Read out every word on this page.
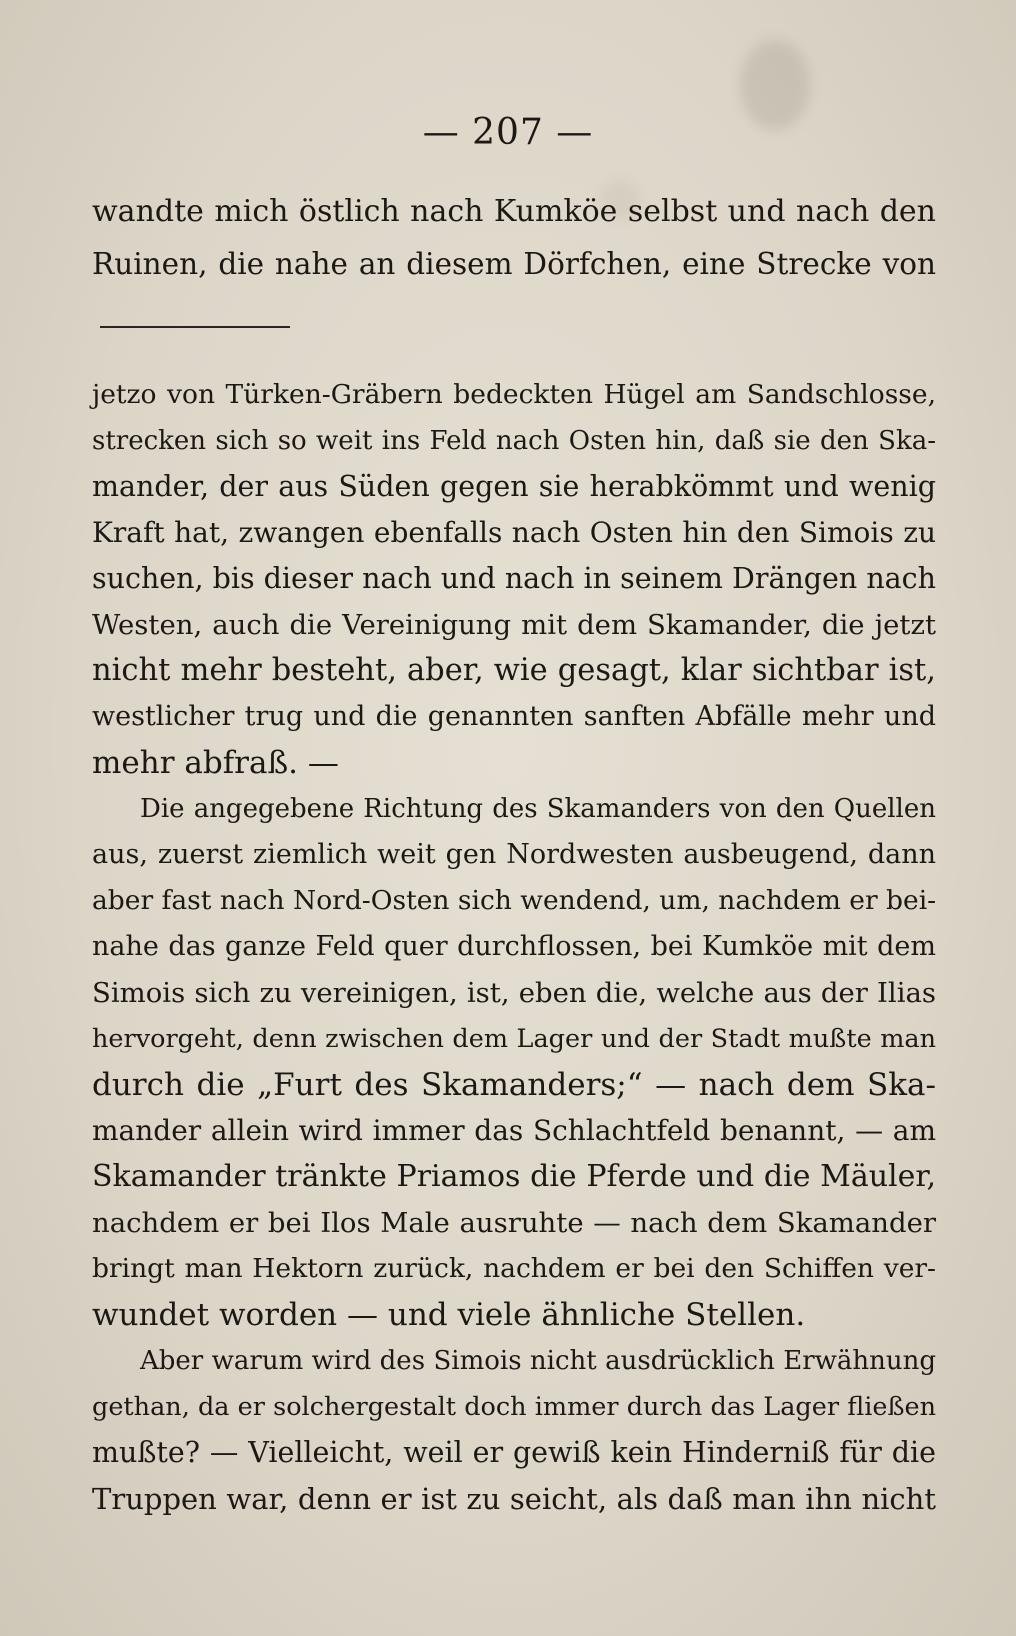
— 207 —
wandte mich östlich nach Kumköe selbst und nach den
Ruinen, die nahe an diesem Dörfchen, eine Strecke von
jetzo von Türken-Gräbern bedeckten Hügel am Sandschlosse,
strecken sich so weit ins Feld nach Osten hin, daß sie den Ska-
mander, der aus Süden gegen sie herabkömmt und wenig
Kraft hat, zwangen ebenfalls nach Osten hin den Simois zu
suchen, bis dieser nach und nach in seinem Drängen nach
Westen, auch die Vereinigung mit dem Skamander, die jetzt
nicht mehr besteht, aber, wie gesagt, klar sichtbar ist,
westlicher trug und die genannten sanften Abfälle mehr und
mehr abfraß. —
Die angegebene Richtung des Skamanders von den Quellen
aus, zuerst ziemlich weit gen Nordwesten ausbeugend, dann
aber fast nach Nord-Osten sich wendend, um, nachdem er bei-
nahe das ganze Feld quer durchflossen, bei Kumköe mit dem
Simois sich zu vereinigen, ist, eben die, welche aus der Ilias
hervorgeht, denn zwischen dem Lager und der Stadt mußte man
durch die „Furt des Skamanders;“ — nach dem Ska-
mander allein wird immer das Schlachtfeld benannt, — am
Skamander tränkte Priamos die Pferde und die Mäuler,
nachdem er bei Ilos Male ausruhte — nach dem Skamander
bringt man Hektorn zurück, nachdem er bei den Schiffen ver-
wundet worden — und viele ähnliche Stellen.
Aber warum wird des Simois nicht ausdrücklich Erwähnung
gethan, da er solchergestalt doch immer durch das Lager fließen
mußte? — Vielleicht, weil er gewiß kein Hinderniß für die
Truppen war, denn er ist zu seicht, als daß man ihn nicht
